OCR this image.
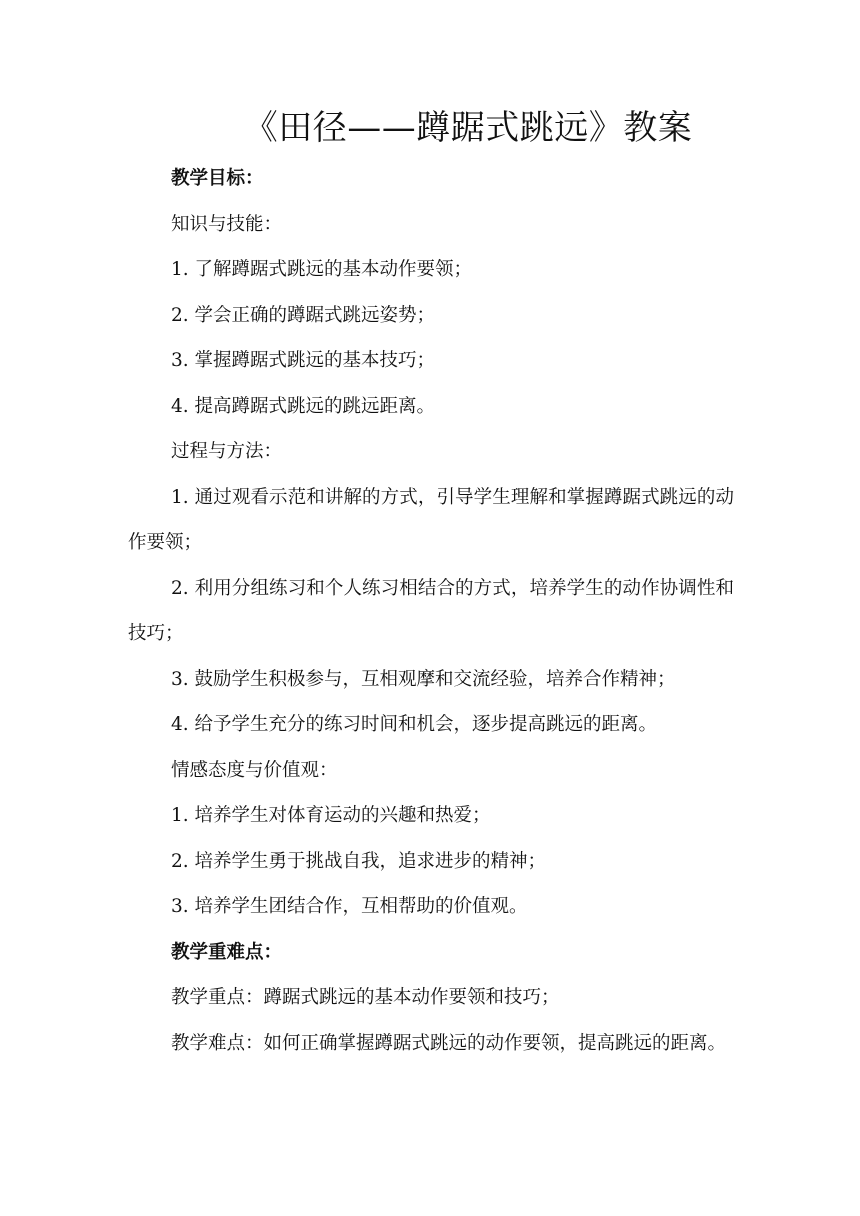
《田径——蹲踞式跳远》教案

教学目标：

知识与技能：

1. 了解蹲踞式跳远的基本动作要领；

2. 学会正确的蹲踞式跳远姿势；

3. 掌握蹲踞式跳远的基本技巧；

4. 提高蹲踞式跳远的跳远距离。

过程与方法：

1. 通过观看示范和讲解的方式，引导学生理解和掌握蹲踞式跳远的动作要领；

2. 利用分组练习和个人练习相结合的方式，培养学生的动作协调性和技巧；

3. 鼓励学生积极参与，互相观摩和交流经验，培养合作精神；

4. 给予学生充分的练习时间和机会，逐步提高跳远的距离。

情感态度与价值观：

1. 培养学生对体育运动的兴趣和热爱；

2. 培养学生勇于挑战自我，追求进步的精神；

3. 培养学生团结合作，互相帮助的价值观。

教学重难点：

教学重点：蹲踞式跳远的基本动作要领和技巧；

教学难点：如何正确掌握蹲踞式跳远的动作要领，提高跳远的距离。
